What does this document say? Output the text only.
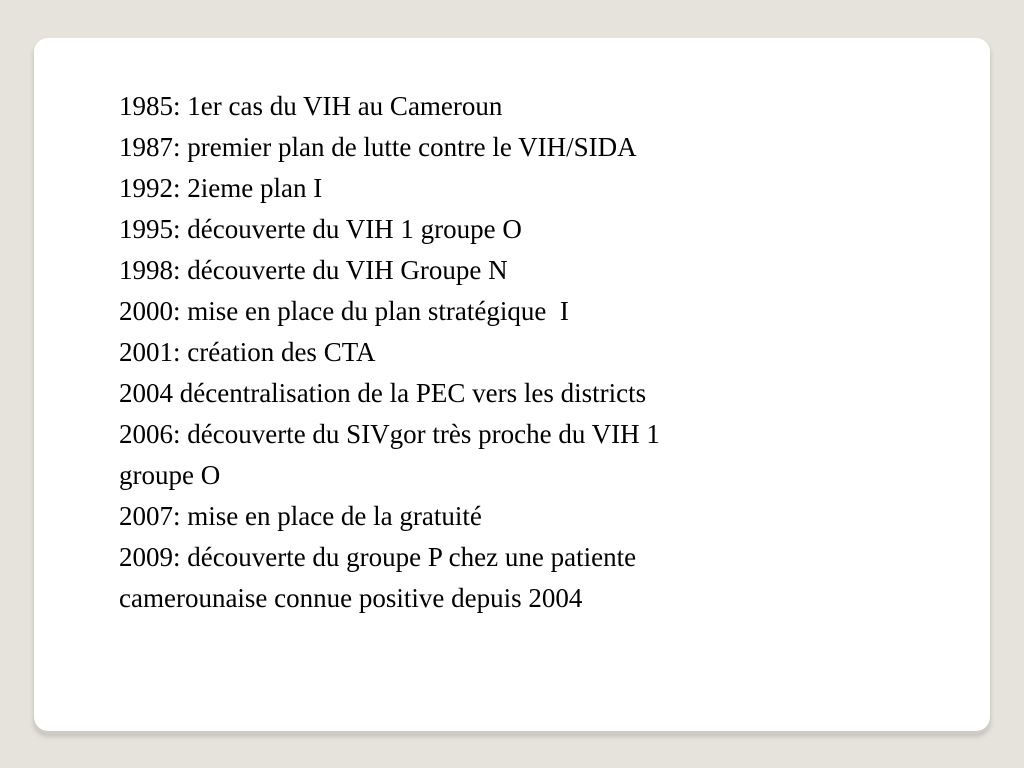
1985: 1er cas du VIH au Cameroun
1987: premier plan de lutte contre le VIH/SIDA
1992: 2ieme plan I
1995: découverte du VIH 1 groupe O
1998: découverte du VIH Groupe N
2000: mise en place du plan stratégique  I
2001: création des CTA
2004 décentralisation de la PEC vers les districts
2006: découverte du SIVgor très proche du VIH 1
groupe O
2007: mise en place de la gratuité
2009: découverte du groupe P chez une patiente
camerounaise connue positive depuis 2004
